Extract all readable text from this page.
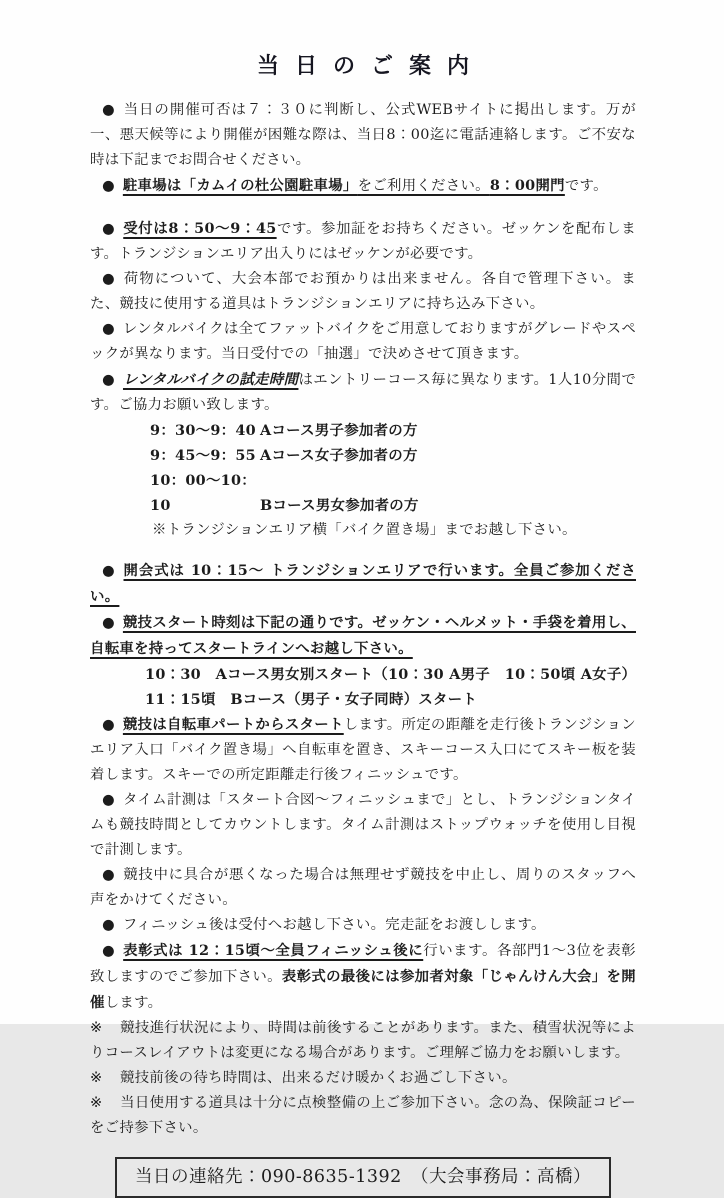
当日のご案内
● 当日の開催可否は７：３０に判断し、公式WEBサイトに掲出します。万が一、悪天候等により開催が困難な際は、当日8：00迄に電話連絡します。ご不安な時は下記までお問合せください。
● 駐車場は「カムイの杜公園駐車場」をご利用ください。8：00開門です。
● 受付は8：50～9：45です。参加証をお持ちください。ゼッケンを配布します。トランジションエリア出入りにはゼッケンが必要です。
● 荷物について、大会本部でお預かりは出来ません。各自で管理下さい。また、競技に使用する道具はトランジションエリアに持ち込み下さい。
● レンタルバイクは全てファットバイクをご用意しておりますがグレードやスペックが異なります。当日受付での「抽選」で決めさせて頂きます。
● レンタルバイクの試走時間はエントリーコース毎に異なります。1人10分間です。ご協力お願い致します。
9：30～9：40 Aコース男子参加者の方
9：45～9：55 Aコース女子参加者の方
10：00～10：10	Bコース男女参加者の方
※トランジションエリア横「バイク置き場」までお越し下さい。
● 開会式は 10：15～ トランジションエリアで行います。全員ご参加ください。
● 競技スタート時刻は下記の通りです。ゼッケン・ヘルメット・手袋を着用し、自転車を持ってスタートラインへお越し下さい。
10：30　Aコース男女別スタート（10：30 A男子　10：50頃 A女子）
11：15頃　Bコース（男子・女子同時）スタート
● 競技は自転車パートからスタートします。所定の距離を走行後トランジションエリア入口「バイク置き場」へ自転車を置き、スキーコース入口にてスキー板を装着します。スキーでの所定距離走行後フィニッシュです。
● タイム計測は「スタート合図～フィニッシュまで」とし、トランジションタイムも競技時間としてカウントします。タイム計測はストップウォッチを使用し目視で計測します。
● 競技中に具合が悪くなった場合は無理せず競技を中止し、周りのスタッフへ声をかけてください。
● フィニッシュ後は受付へお越し下さい。完走証をお渡しします。
● 表彰式は 12：15頃～全員フィニッシュ後に行います。各部門1～3位を表彰致しますのでご参加下さい。表彰式の最後には参加者対象「じゃんけん大会」を開催します。
※ 競技進行状況により、時間は前後することがあります。また、積雪状況等によりコースレイアウトは変更になる場合があります。ご理解ご協力をお願いします。
※ 競技前後の待ち時間は、出来るだけ暖かくお過ごし下さい。
※ 当日使用する道具は十分に点検整備の上ご参加下さい。念の為、保険証コピーをご持参下さい。
当日の連絡先：090-8635-1392　（大会事務局：高橋）
